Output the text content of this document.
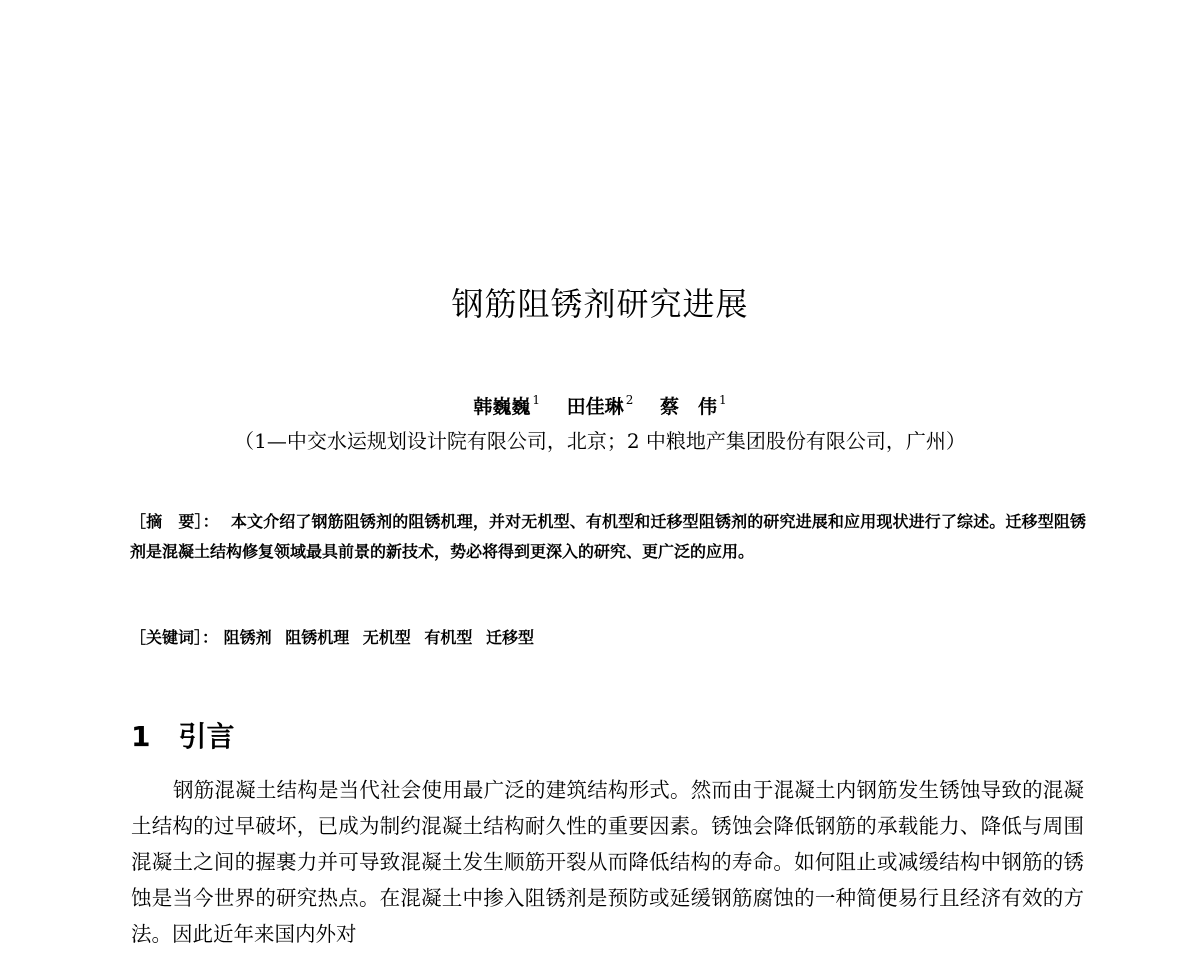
钢筋阻锈剂研究进展
韩巍巍 $^1$ 田佳琳 $^2$ 蔡　伟 $^1$
（1—中交水运规划设计院有限公司，北京；2 中粮地产集团股份有限公司，广州）
［摘　要］： 本文介绍了钢筋阻锈剂的阻锈机理，并对无机型、有机型和迁移型阻锈剂的研究进展和应用现状进行了综述。迁移型阻锈剂是混凝土结构修复领域最具前景的新技术，势必将得到更深入的研究、更广泛的应用。
［关键词］： 阻锈剂 阻锈机理 无机型 有机型 迁移型
1 引言
钢筋混凝土结构是当代社会使用最广泛的建筑结构形式。然而由于混凝土内钢筋发生锈蚀导致的混凝土结构的过早破坏，已成为制约混凝土结构耐久性的重要因素。锈蚀会降低钢筋的承载能力、降低与周围混凝土之间的握裹力并可导致混凝土发生顺筋开裂从而降低结构的寿命。如何阻止或减缓结构中钢筋的锈蚀是当今世界的研究热点。在混凝土中掺入阻锈剂是预防或延缓钢筋腐蚀的一种简便易行且经济有效的方法。因此近年来国内外对
